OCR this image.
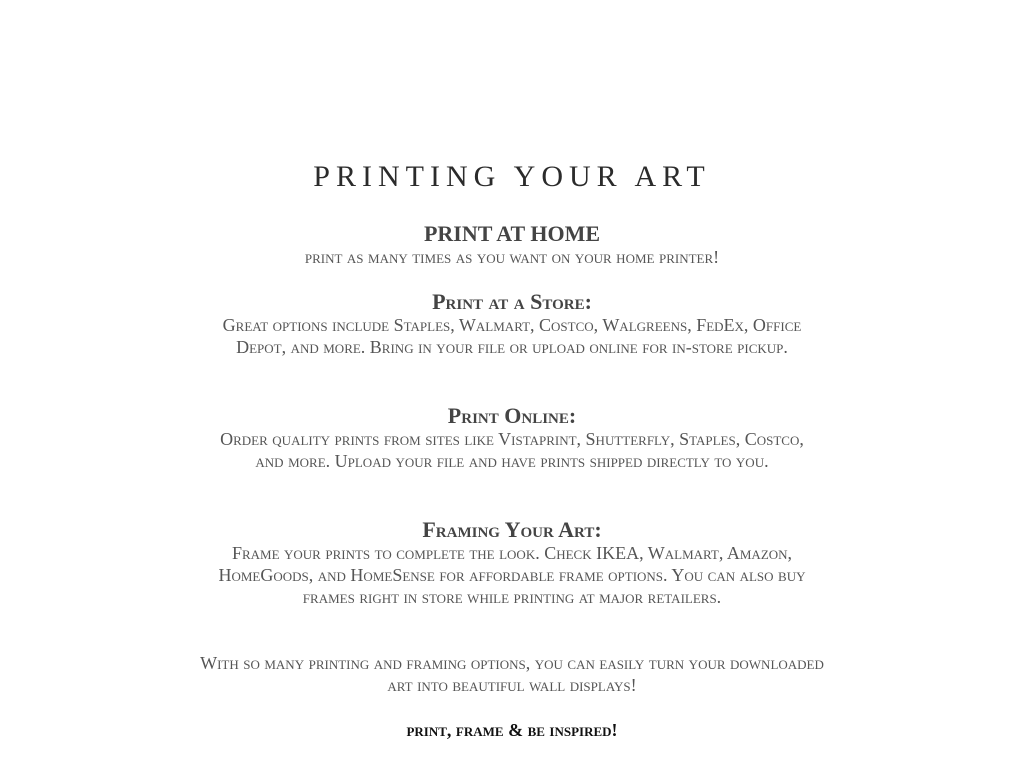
PRINTING YOUR ART
PRINT AT HOME
print as many times as you want on your home printer!
Print at a Store:
Great options include Staples, Walmart, Costco, Walgreens, FedEx, Office Depot, and more. Bring in your file or upload online for in-store pickup.
Print Online:
Order quality prints from sites like Vistaprint, Shutterfly, Staples, Costco, and more. Upload your file and have prints shipped directly to you.
Framing Your Art:
Frame your prints to complete the look. Check IKEA, Walmart, Amazon, HomeGoods, and HomeSense for affordable frame options. You can also buy frames right in store while printing at major retailers.
With so many printing and framing options, you can easily turn your downloaded art into beautiful wall displays!
print, frame & be inspired!
